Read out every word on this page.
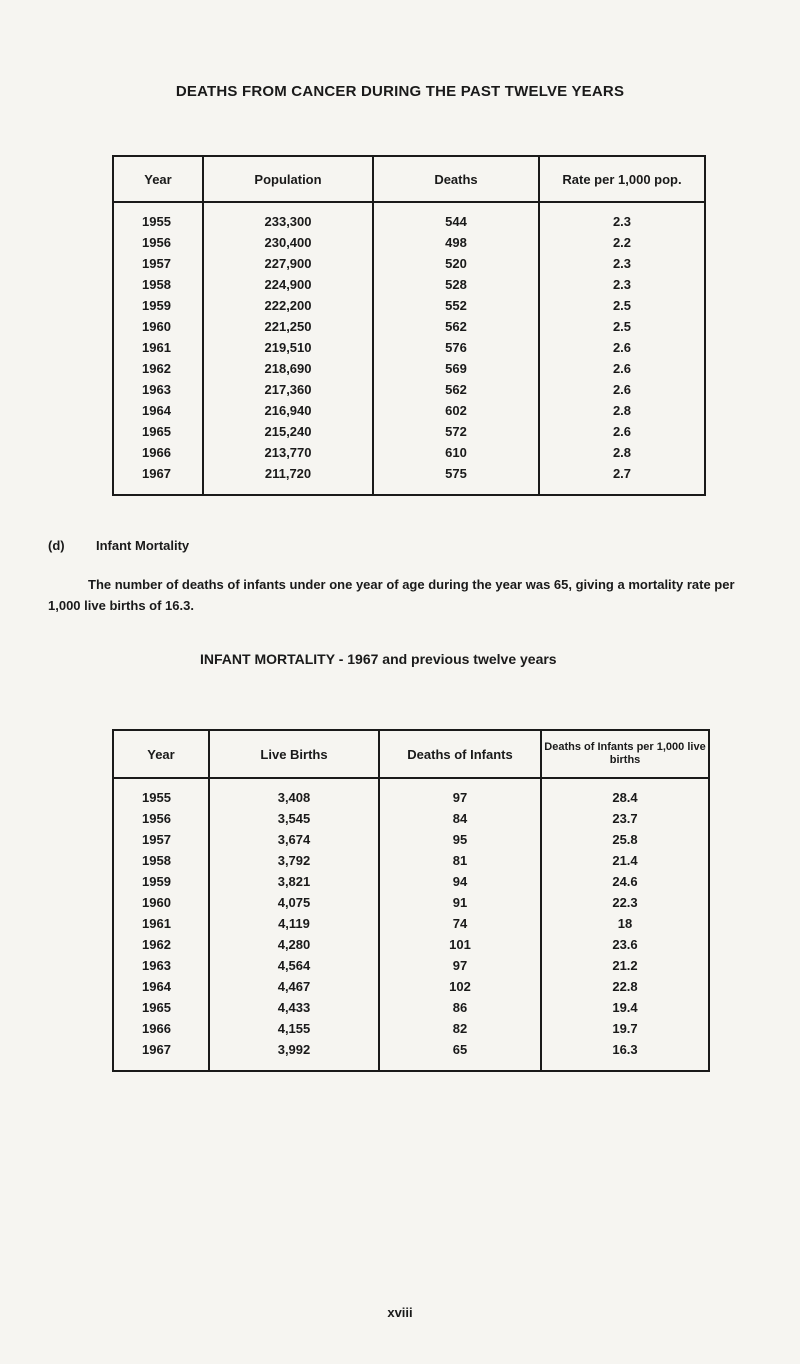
DEATHS FROM CANCER DURING THE PAST TWELVE YEARS
Year	Population	Deaths	Rate per 1,000 pop.
1955	233,300	544	2.3
1956	230,400	498	2.2
1957	227,900	520	2.3
1958	224,900	528	2.3
1959	222,200	552	2.5
1960	221,250	562	2.5
1961	219,510	576	2.6
1962	218,690	569	2.6
1963	217,360	562	2.6
1964	216,940	602	2.8
1965	215,240	572	2.6
1966	213,770	610	2.8
1967	211,720	575	2.7
(d) Infant Mortality
The number of deaths of infants under one year of age during the year was 65, giving a mortality rate per 1,000 live births of 16.3.
INFANT MORTALITY - 1967 and previous twelve years
Year	Live Births	Deaths of Infants	Deaths of Infants per 1,000 live births
1955	3,408	97	28.4
1956	3,545	84	23.7
1957	3,674	95	25.8
1958	3,792	81	21.4
1959	3,821	94	24.6
1960	4,075	91	22.3
1961	4,119	74	18
1962	4,280	101	23.6
1963	4,564	97	21.2
1964	4,467	102	22.8
1965	4,433	86	19.4
1966	4,155	82	19.7
1967	3,992	65	16.3
xviii
